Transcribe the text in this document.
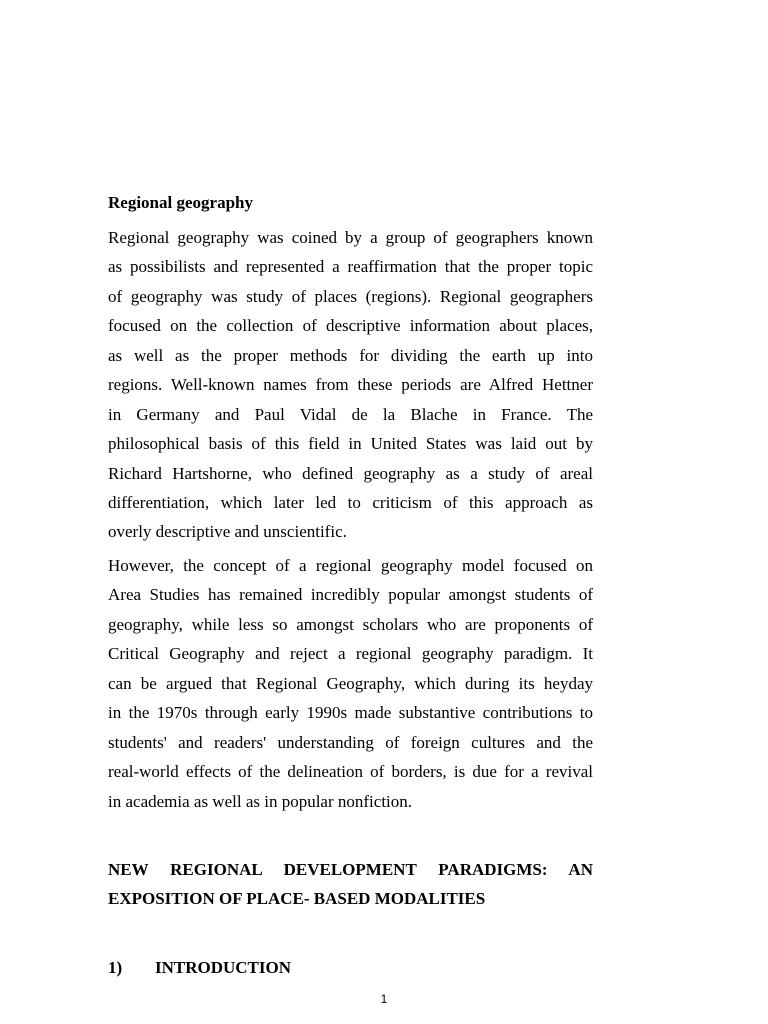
Regional geography
Regional geography was coined by a group of geographers known
as possibilists and represented a reaffirmation that the proper topic
of geography was study of places (regions). Regional geographers
focused on the collection of descriptive information about places,
as well as the proper methods for dividing the earth up into
regions. Well-known names from these periods are Alfred Hettner
in Germany and Paul Vidal de la Blache in France. The
philosophical basis of this field in United States was laid out by
Richard Hartshorne, who defined geography as a study of areal
differentiation, which later led to criticism of this approach as
overly descriptive and unscientific.
However, the concept of a regional geography model focused on
Area Studies has remained incredibly popular amongst students of
geography, while less so amongst scholars who are proponents of
Critical Geography and reject a regional geography paradigm. It
can be argued that Regional Geography, which during its heyday
in the 1970s through early 1990s made substantive contributions to
students' and readers' understanding of foreign cultures and the
real-world effects of the delineation of borders, is due for a revival
in academia as well as in popular nonfiction.
NEW REGIONAL DEVELOPMENT PARADIGMS: AN
EXPOSITION OF PLACE- BASED MODALITIES
1) INTRODUCTION
1
